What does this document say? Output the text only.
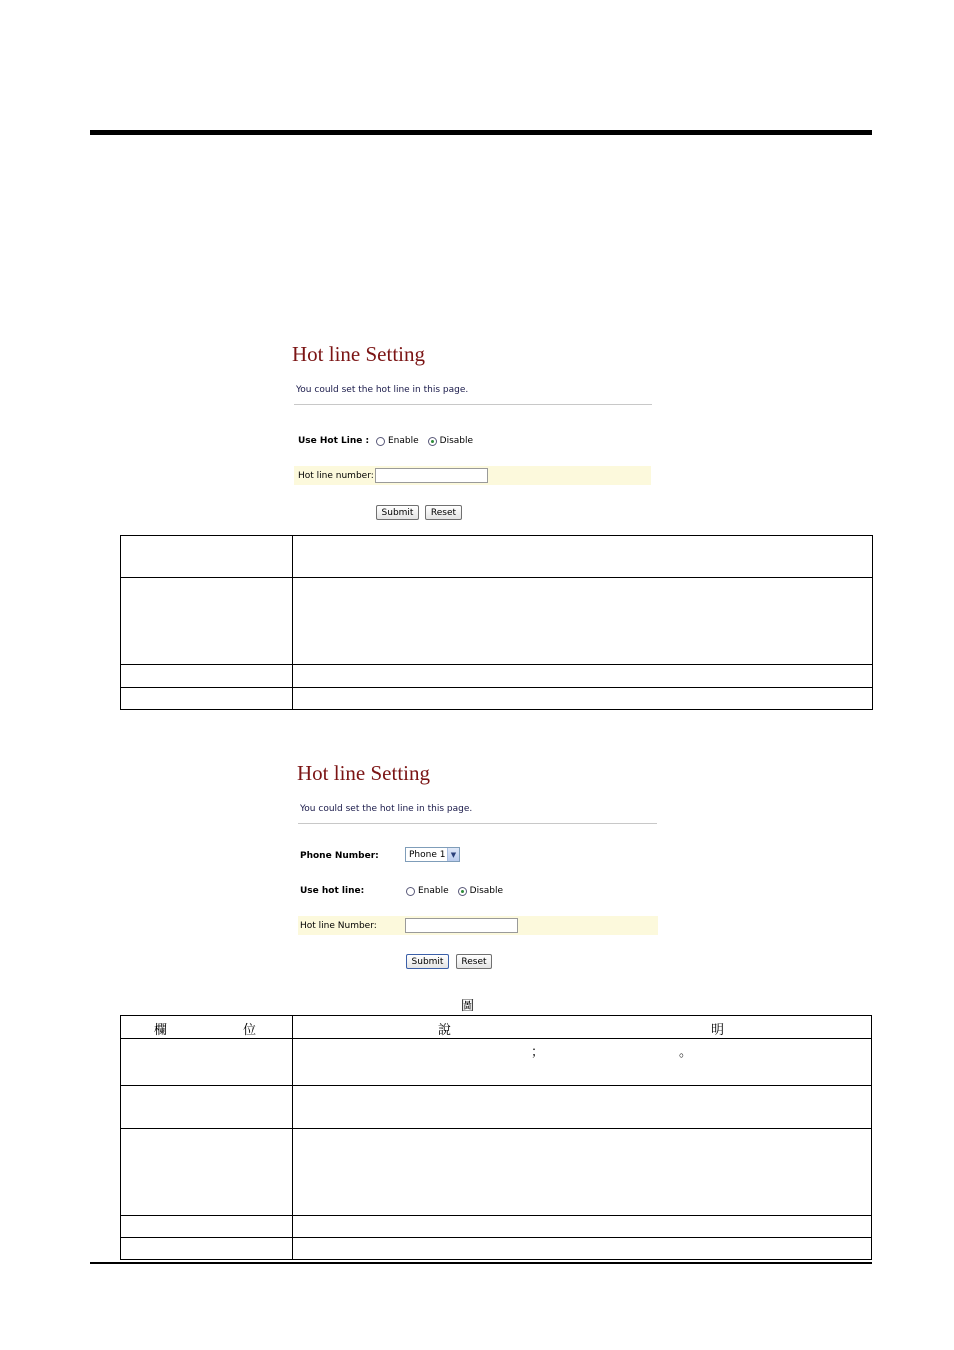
Hot line Setting
You could set the hot line in this page.
Use Hot Line : Enable Disable
Hot line number:
Submit	Reset

Hot line Setting
You could set the hot line in this page.
Phone Number:	Phone 1 ▼
Use hot line:	Enable Disable
Hot line Number:
Submit	Reset
圖
欄 位	說 明

	； 。
